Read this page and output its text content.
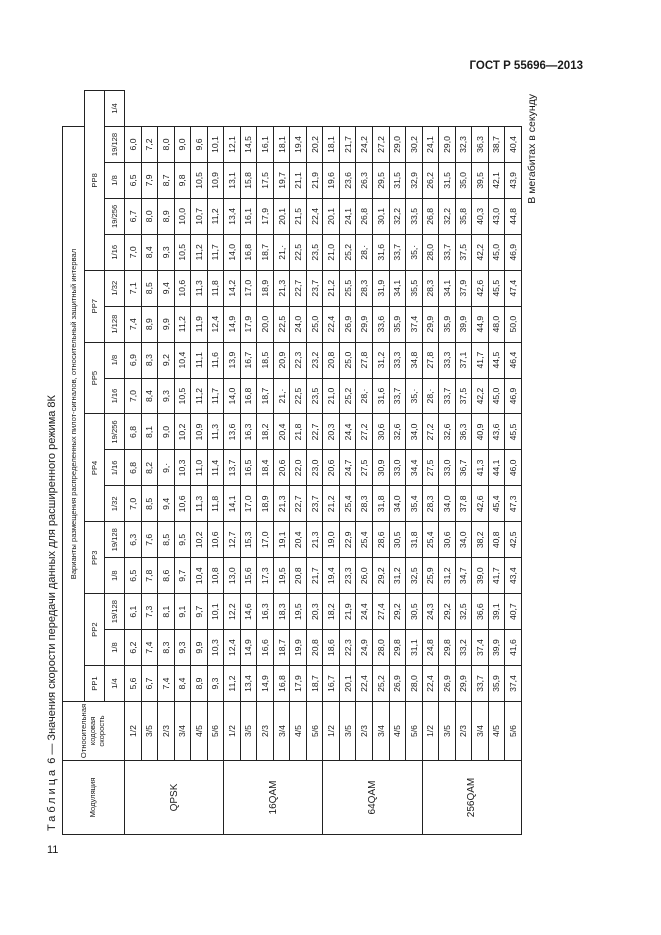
ГОСТ Р 55696—2013
Таблица 6 — Значения скорости передачи данных для расширенного режима 8К
Модуляция	Относительная кодовая скорость	Варианты размещения распределенных пилот-сигналов, относительный защитный интервал																
		PP1	PP2		PP3		PP4			PP5		PP7		PP8				
		1/4	1/8	19/128	1/8	19/128	1/32	1/16	19/256	1/16	1/8	1/128	1/32	1/16	19/256	1/8	19/128	1/4
QPSK	1/2	5,6	6,2	6,1	6,5	6,3	7,0	6,8	6,8	7,0	6,9	7,4	7,1	7,0	6,7	6,5	6,0	
	3/5	6,7	7,4	7,3	7,8	7,6	8,5	8,2	8,1	8,4	8,3	8,9	8,5	8,4	8,0	7,9	7,2	
	2/3	7,4	8,3	8,1	8,6	8,5	9,4	9,·	9,0	9,3	9,2	9,9	9,4	9,3	8,9	8,7	8,0	
	3/4	8,4	9,3	9,1	9,7	9,5	10,6	10,3	10,2	10,5	10,4	11,2	10,6	10,5	10,0	9,8	9,0	
	4/5	8,9	9,9	9,7	10,4	10,2	11,3	11,0	10,9	11,2	11,1	11,9	11,3	11,2	10,7	10,5	9,6	
	5/6	9,3	10,3	10,1	10,8	10,6	11,8	11,4	11,3	11,7	11,6	12,4	11,8	11,7	11,2	10,9	10,1	
16QAM	1/2	11,2	12,4	12,2	13,0	12,7	14,1	13,7	13,6	14,0	13,9	14,9	14,2	14,0	13,4	13,1	12,1	
	3/5	13,4	14,9	14,6	15,6	15,3	17,0	16,5	16,3	16,8	16,7	17,9	17,0	16,8	16,1	15,8	14,5	
	2/3	14,9	16,6	16,3	17,3	17,0	18,9	18,4	18,2	18,7	18,5	20,0	18,9	18,7	17,9	17,5	16,1	
	3/4	16,8	18,7	18,3	19,5	19,1	21,3	20,6	20,4	21,·	20,9	22,5	21,3	21,·	20,1	19,7	18,1	
	4/5	17,9	19,9	19,5	20,8	20,4	22,7	22,0	21,8	22,5	22,3	24,0	22,7	22,5	21,5	21,1	19,4	
	5/6	18,7	20,8	20,3	21,7	21,3	23,7	23,0	22,7	23,5	23,2	25,0	23,7	23,5	22,4	21,9	20,2	
64QAM	1/2	16,7	18,6	18,2	19,4	19,0	21,2	20,6	20,3	21,0	20,8	22,4	21,2	21,0	20,1	19,6	18,1	
	3/5	20,1	22,3	21,9	23,3	22,9	25,4	24,7	24,4	25,2	25,0	26,9	25,5	25,2	24,1	23,6	21,7	
	2/3	22,4	24,9	24,4	26,0	25,4	28,3	27,5	27,2	28,·	27,8	29,9	28,3	28,·	26,8	26,3	24,2	
	3/4	25,2	28,0	27,4	29,2	28,6	31,8	30,9	30,6	31,6	31,2	33,6	31,9	31,6	30,1	29,5	27,2	
	4/5	26,9	29,8	29,2	31,2	30,5	34,0	33,0	32,6	33,7	33,3	35,9	34,1	33,7	32,2	31,5	29,0	
	5/6	28,0	31,1	30,5	32,5	31,8	35,4	34,4	34,0	35,·	34,8	37,4	35,5	35,·	33,5	32,9	30,2	
256QAM	1/2	22,4	24,8	24,3	25,9	25,4	28,3	27,5	27,2	28,·	27,8	29,9	28,3	28,0	26,8	26,2	24,1	
	3/5	26,9	29,8	29,2	31,2	30,6	34,0	33,0	32,6	33,7	33,3	35,9	34,1	33,7	32,2	31,5	29,0	
	2/3	29,9	33,2	32,5	34,7	34,0	37,8	36,7	36,3	37,5	37,1	39,9	37,9	37,5	35,8	35,0	32,3	
	3/4	33,7	37,4	36,6	39,0	38,2	42,6	41,3	40,9	42,2	41,7	44,9	42,6	42,2	40,3	39,5	36,3	
	4/5	35,9	39,9	39,1	41,7	40,8	45,4	44,1	43,6	45,0	44,5	48,0	45,5	45,0	43,0	42,1	38,7	
	5/6	37,4	41,6	40,7	43,4	42,5	47,3	46,0	45,5	46,9	46,4	50,0	47,4	46,9	44,8	43,9	40,4	В мегабитах в секунду
11
